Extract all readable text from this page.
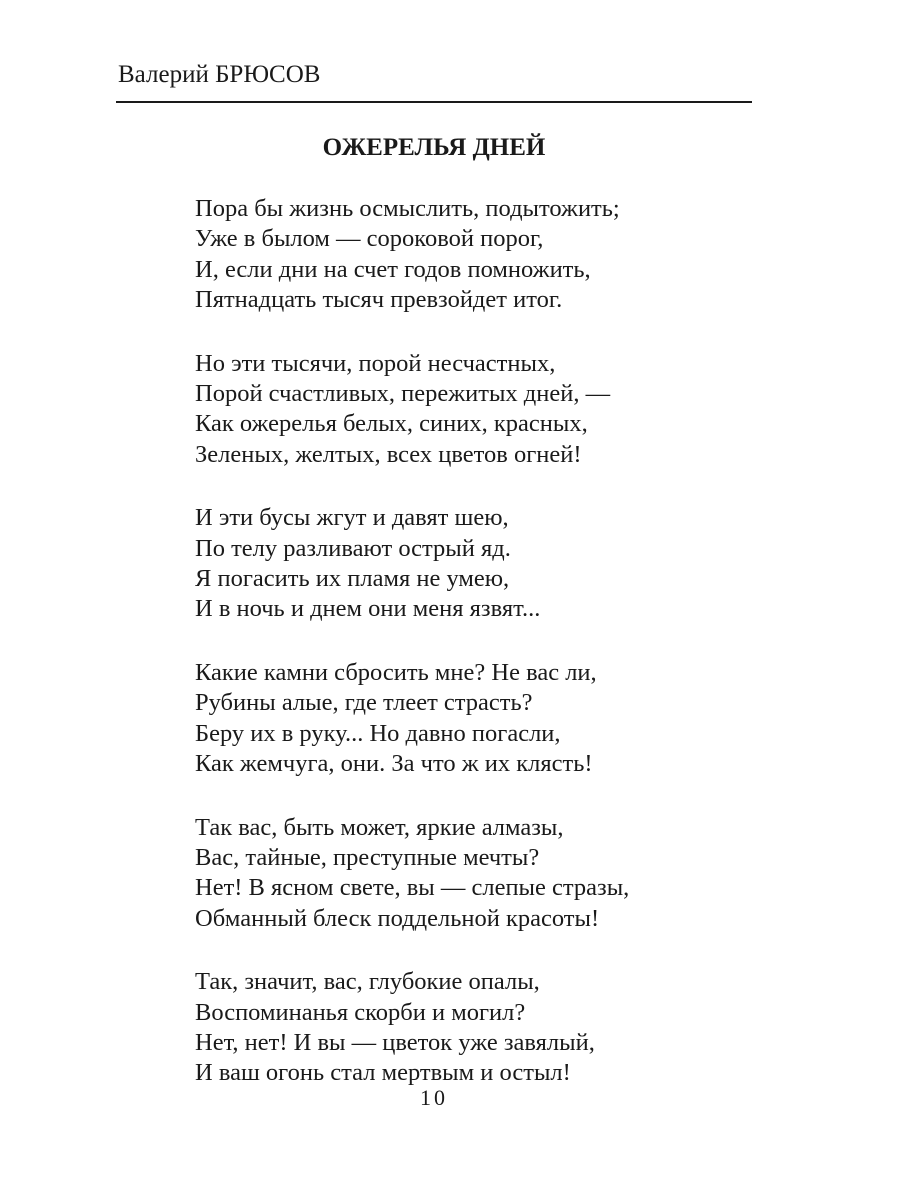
Валерий БРЮСОВ
ОЖЕРЕЛЬЯ ДНЕЙ
Пора бы жизнь осмыслить, подытожить;
Уже в былом — сороковой порог,
И, если дни на счет годов помножить,
Пятнадцать тысяч превзойдет итог.
Но эти тысячи, порой несчастных,
Порой счастливых, пережитых дней, —
Как ожерелья белых, синих, красных,
Зеленых, желтых, всех цветов огней!
И эти бусы жгут и давят шею,
По телу разливают острый яд.
Я погасить их пламя не умею,
И в ночь и днем они меня язвят...
Какие камни сбросить мне? Не вас ли,
Рубины алые, где тлеет страсть?
Беру их в руку... Но давно погасли,
Как жемчуга, они. За что ж их клясть!
Так вас, быть может, яркие алмазы,
Вас, тайные, преступные мечты?
Нет! В ясном свете, вы — слепые стразы,
Обманный блеск поддельной красоты!
Так, значит, вас, глубокие опалы,
Воспоминанья скорби и могил?
Нет, нет! И вы — цветок уже завялый,
И ваш огонь стал мертвым и остыл!
10
